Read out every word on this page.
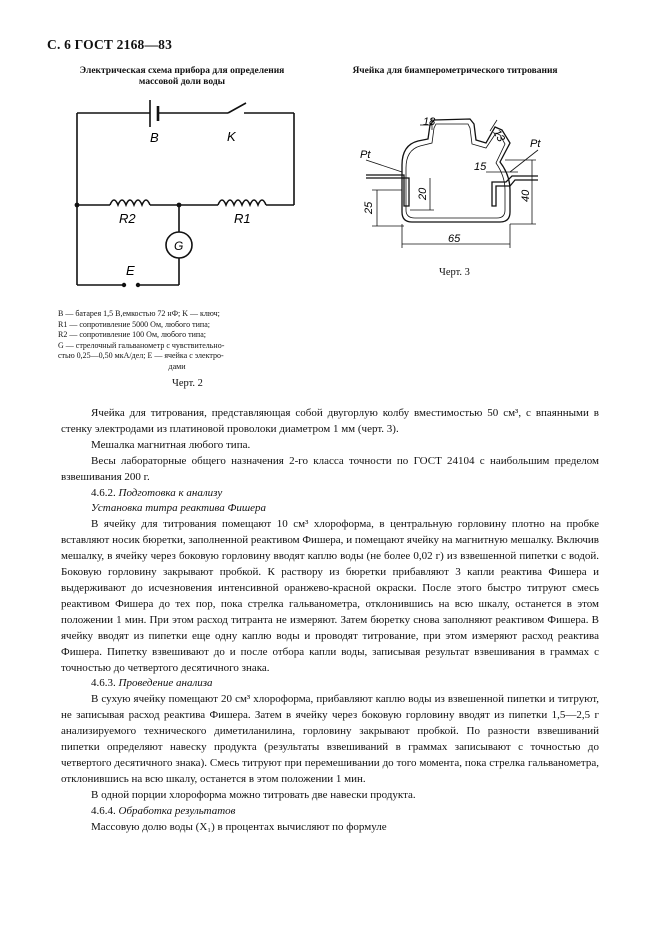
С. 6 ГОСТ 2168—83
Электрическая схема прибора для определения
массовой доли воды
Ячейка для биамперометрического титрования
B	K
R2	R1
G
E
Pt
Pt
18
13
15
20
25
40
65

B — батарея 1,5 В,емкостью 72 нФ; K — ключ;

R1 — сопротивление 5000 Ом, любого типа;

R2 — сопротивление 100 Ом, любого типа;

G — стрелочный гальванометр с чувствительно-

стью 0,25—0,50 мкА/дел; E — ячейка с электро-

дами

Черт. 2
Черт. 3

Ячейка для титрования, представляющая собой двугорлую колбу вместимостью 50 см³, с впаянными в стенку электродами из платиновой проволоки диаметром 1 мм (черт. 3).

Мешалка магнитная любого типа.

Весы лабораторные общего назначения 2-го класса точности по ГОСТ 24104 с наибольшим пределом взвешивания 200 г.

4.6.2. Подготовка к анализу

Установка титра реактива Фишера

В ячейку для титрования помещают 10 см³ хлороформа, в центральную горловину плотно на пробке вставляют носик бюретки, заполненной реактивом Фишера, и помещают ячейку на магнитную мешалку. Включив мешалку, в ячейку через боковую горловину вводят каплю воды (не более 0,02 г) из взвешенной пипетки с водой. Боковую горловину закрывают пробкой. К раствору из бюретки прибавляют 3 капли реактива Фишера и выдерживают до исчезновения интенсивной оранжево-красной окраски. После этого быстро титруют смесь реактивом Фишера до тех пор, пока стрелка гальванометра, отклонившись на всю шкалу, останется в этом положении 1 мин. При этом расход титранта не измеряют. Затем бюретку снова заполняют реактивом Фишера. В ячейку вводят из пипетки еще одну каплю воды и проводят титрование, при этом измеряют расход реактива Фишера. Пипетку взвешивают до и после отбора капли воды, записывая результат взвешивания в граммах с точностью до четвертого десятичного знака.

4.6.3. Проведение анализа

В сухую ячейку помещают 20 см³ хлороформа, прибавляют каплю воды из взвешенной пипетки и титруют, не записывая расход реактива Фишера. Затем в ячейку через боковую горловину вводят из пипетки 1,5—2,5 г анализируемого технического диметиланилина, горловину закрывают пробкой. По разности взвешиваний пипетки определяют навеску продукта (результаты взвешиваний в граммах записывают с точностью до четвертого десятичного знака). Смесь титруют при перемешивании до того момента, пока стрелка гальванометра, отклонившись на всю шкалу, останется в этом положении 1 мин.

В одной порции хлороформа можно титровать две навески продукта.

4.6.4. Обработка результатов

Массовую долю воды (X₁) в процентах вычисляют по формуле
